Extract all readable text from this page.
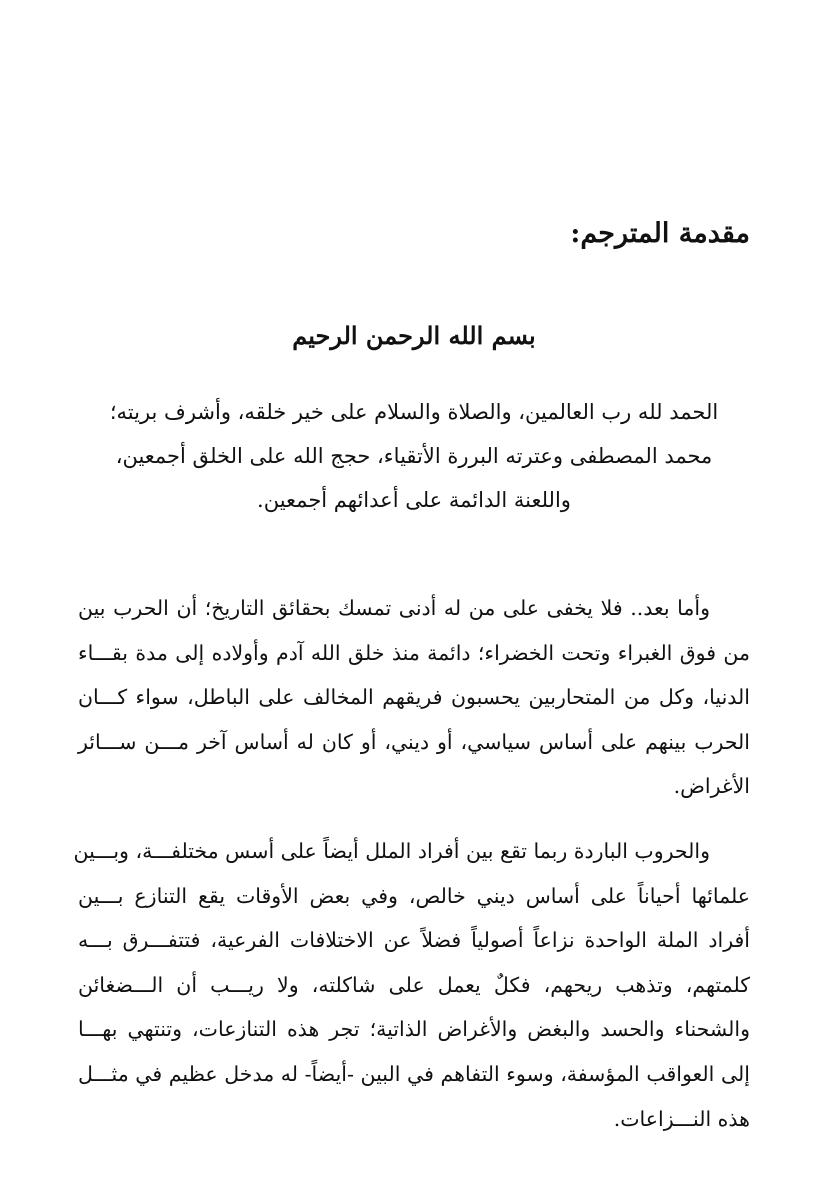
مقدمة المترجم:
بسم الله الرحمن الرحيم
الحمد لله رب العالمين، والصلاة والسلام على خير خلقه، وأشرف بريته؛
محمد المصطفى وعترته البررة الأتقياء، حجج الله على الخلق أجمعين،
واللعنة الدائمة على أعدائهم أجمعين.
وأما بعد.. فلا يخفى على من له أدنى تمسك بحقائق التاريخ؛ أن الحرب بين
من فوق الغبراء وتحت الخضراء؛ دائمة منذ خلق الله آدم وأولاده إلى مدة بقـــاء
الدنيا، وكل من المتحاربين يحسبون فريقهم المخالف على الباطل، سواء كـــان
الحرب بينهم على أساس سياسي، أو ديني، أو كان له أساس آخر مـــن ســـائر
الأغراض.
والحروب الباردة ربما تقع بين أفراد الملل أيضاً على أسس مختلفـــة، وبـــين
علمائها أحياناً على أساس ديني خالص، وفي بعض الأوقات يقع التنازع بـــين
أفراد الملة الواحدة نزاعاً أصولياً فضلاً عن الاختلافات الفرعية، فتتفـــرق بـــه
كلمتهم، وتذهب ريحهم، فكلٌ يعمل على شاكلته، ولا ريـــب أن الـــضغائن
والشحناء والحسد والبغض والأغراض الذاتية؛ تجر هذه التنازعات، وتنتهي بهـــا
إلى العواقب المؤسفة، وسوء التفاهم في البين -أيضاً- له مدخل عظيم في مثـــل
هذه النـــزاعات.
